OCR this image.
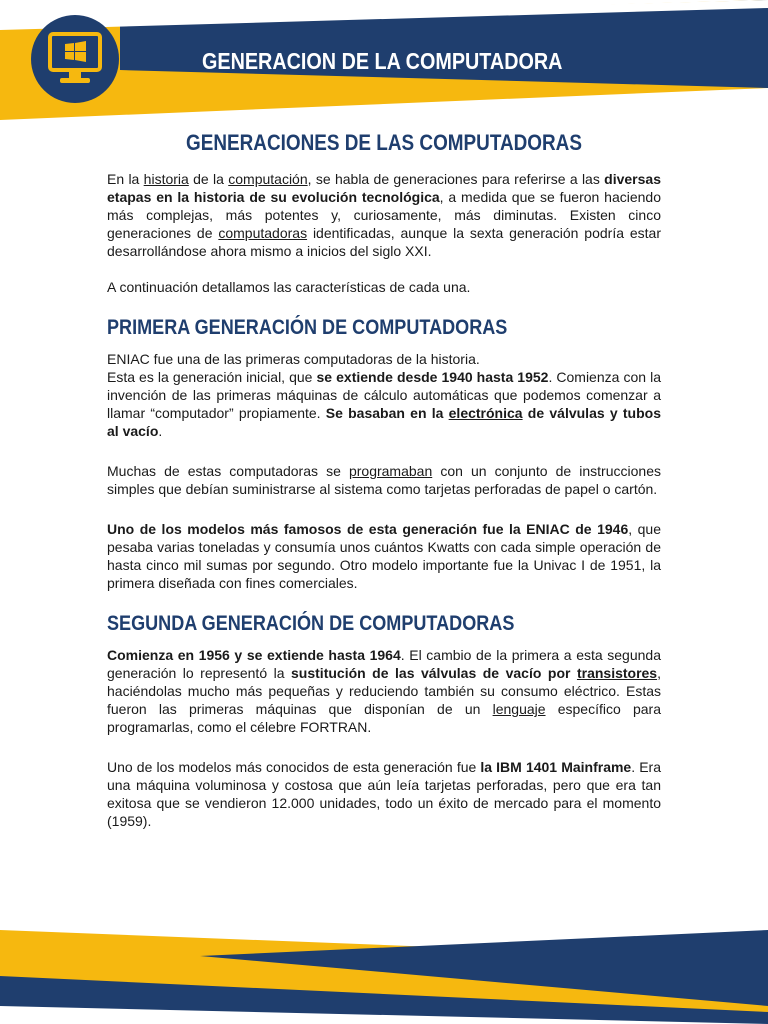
GENERACION DE LA COMPUTADORA
GENERACIONES DE LAS COMPUTADORAS

En la historia de la computación, se habla de generaciones para referirse a las diversas etapas en la historia de su evolución tecnológica, a medida que se fueron haciendo más complejas, más potentes y, curiosamente, más diminutas. Existen cinco generaciones de computadoras identificadas, aunque la sexta generación podría estar desarrollándose ahora mismo a inicios del siglo XXI.

A continuación detallamos las características de cada una.

PRIMERA GENERACIÓN DE COMPUTADORAS

ENIAC fue una de las primeras computadoras de la historia.
Esta es la generación inicial, que se extiende desde 1940 hasta 1952. Comienza con la invención de las primeras máquinas de cálculo automáticas que podemos comenzar a llamar “computador” propiamente. Se basaban en la electrónica de válvulas y tubos al vacío.

Muchas de estas computadoras se programaban con un conjunto de instrucciones simples que debían suministrarse al sistema como tarjetas perforadas de papel o cartón.

Uno de los modelos más famosos de esta generación fue la ENIAC de 1946, que pesaba varias toneladas y consumía unos cuántos Kwatts con cada simple operación de hasta cinco mil sumas por segundo. Otro modelo importante fue la Univac I de 1951, la primera diseñada con fines comerciales.

SEGUNDA GENERACIÓN DE COMPUTADORAS

Comienza en 1956 y se extiende hasta 1964. El cambio de la primera a esta segunda generación lo representó la sustitución de las válvulas de vacío por transistores, haciéndolas mucho más pequeñas y reduciendo también su consumo eléctrico. Estas fueron las primeras máquinas que disponían de un lenguaje específico para programarlas, como el célebre FORTRAN.

Uno de los modelos más conocidos de esta generación fue la IBM 1401 Mainframe. Era una máquina voluminosa y costosa que aún leía tarjetas perforadas, pero que era tan exitosa que se vendieron 12.000 unidades, todo un éxito de mercado para el momento (1959).
